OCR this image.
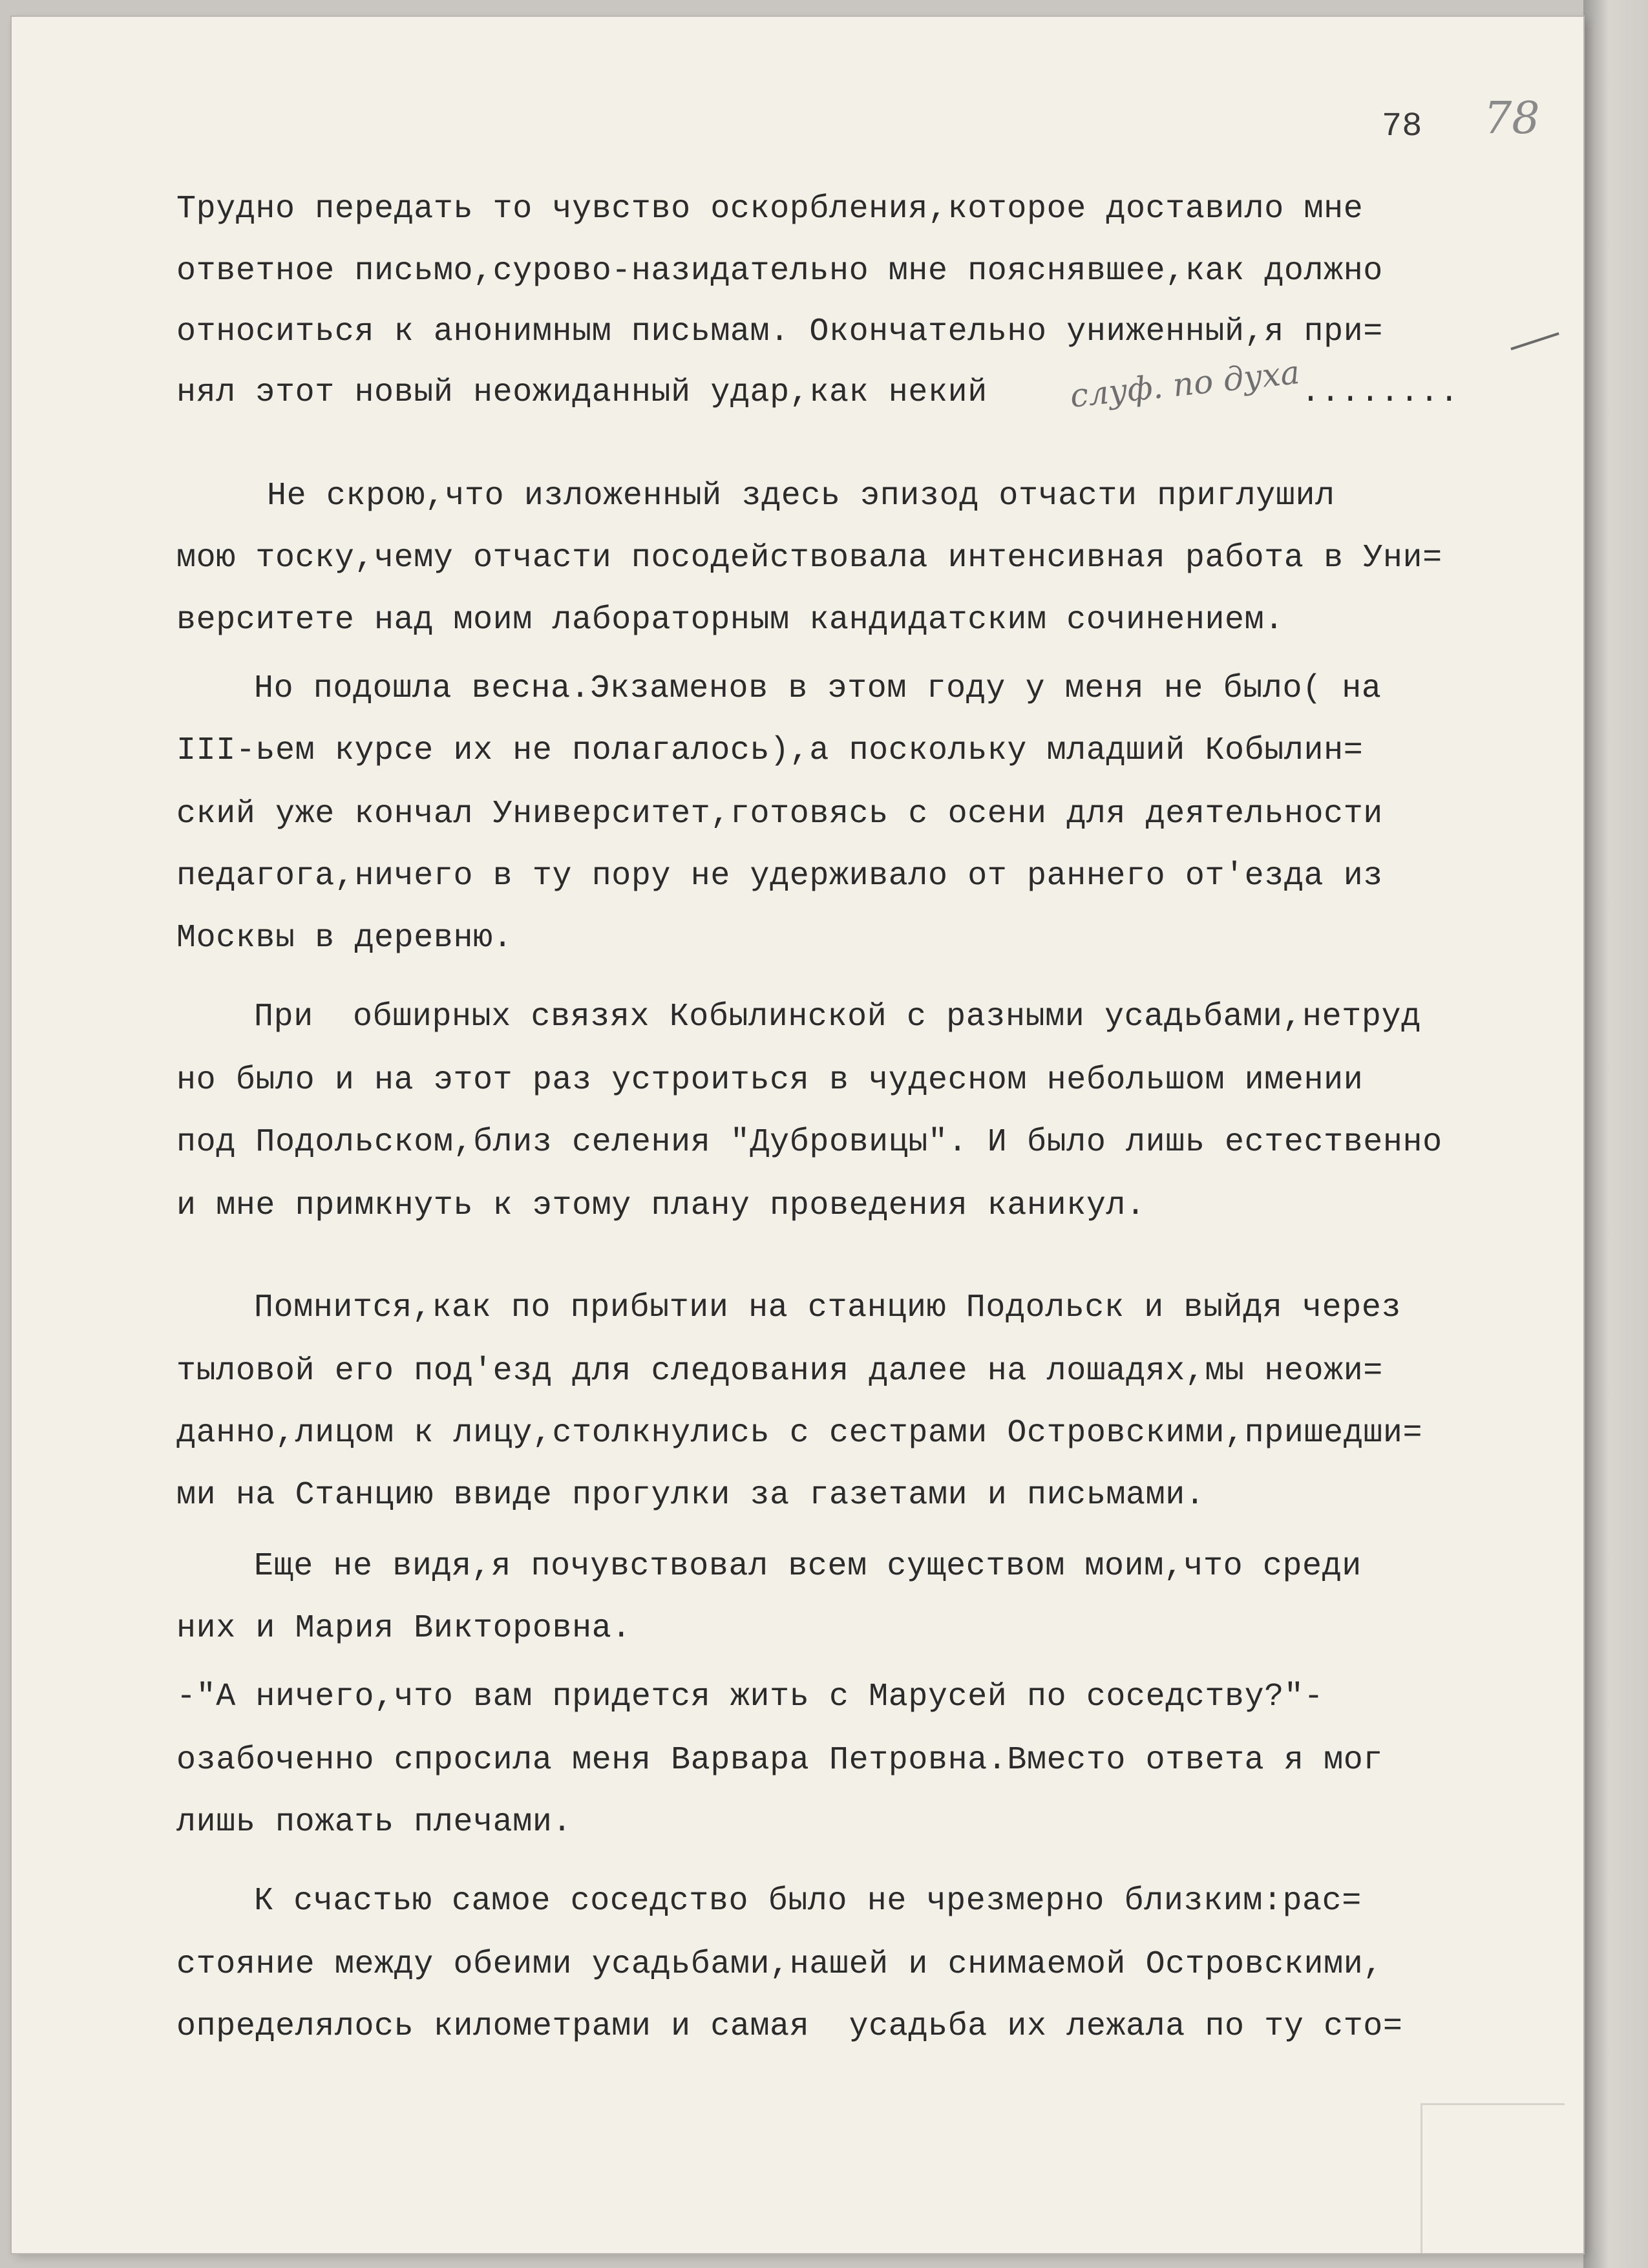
78 78

Трудно передать то чувство оскорбления,которое доставило мне

ответное письмо,сурово-назидательно мне пояснявшее,как должно

относиться к анонимным письмам. Окончательно униженный,я при=

нял этот новый неожиданный удар,как некий слуф. по духа ........

Не скрою,что изложенный здесь эпизод отчасти приглушил

мою тоску,чему отчасти посодействовала интенсивная работа в Уни=

верситете над моим лабораторным кандидатским сочинением.

Но подошла весна.Экзаменов в этом году у меня не было( на

III-ьем курсе их не полагалось),а поскольку младший Кобылин=

ский уже кончал Университет,готовясь с осени для деятельности

педагога,ничего в ту пору не удерживало от раннего от'езда из

Москвы в деревню.

При  обширных связях Кобылинской с разными усадьбами,нетруд

но было и на этот раз устроиться в чудесном небольшом имении

под Подольском,близ селения "Дубровицы". И было лишь естественно

и мне примкнуть к этому плану проведения каникул.

Помнится,как по прибытии на станцию Подольск и выйдя через

тыловой его под'езд для следования далее на лошадях,мы неожи=

данно,лицом к лицу,столкнулись с сестрами Островскими,пришедши=

ми на Станцию ввиде прогулки за газетами и письмами.

Еще не видя,я почувствовал всем существом моим,что среди

них и Мария Викторовна.

-"А ничего,что вам придется жить с Марусей по соседству?"-

озабоченно спросила меня Варвара Петровна.Вместо ответа я мог

лишь пожать плечами.

К счастью самое соседство было не чрезмерно близким:рас=

стояние между обеими усадьбами,нашей и снимаемой Островскими,

определялось километрами и самая  усадьба их лежала по ту сто=
